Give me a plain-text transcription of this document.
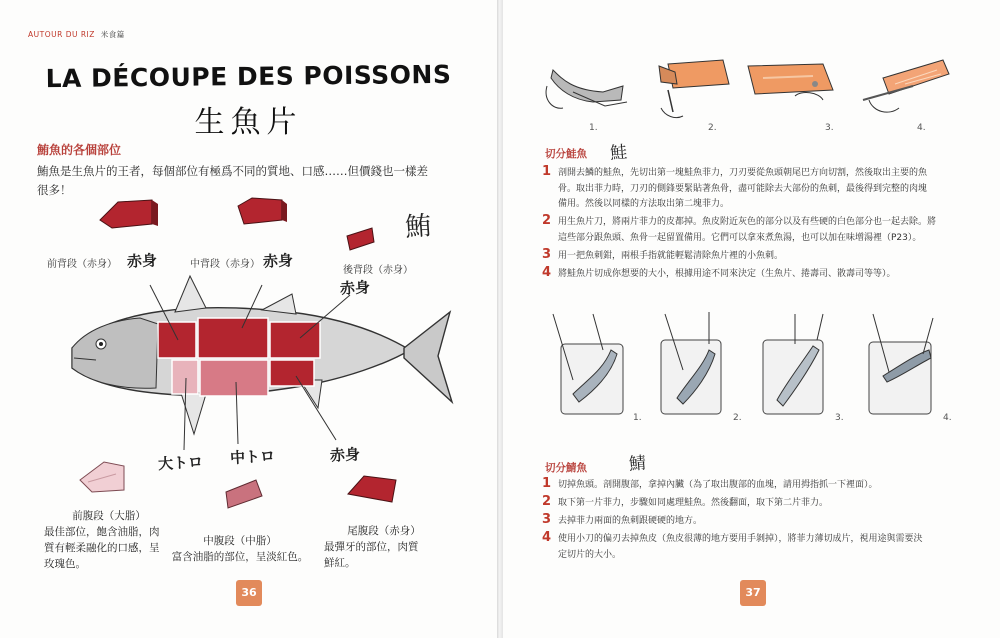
AUTOUR DU RIZ 米食篇
LA DÉCOUPE DES POISSONS
生魚片
鮪魚的各個部位
鮪魚是生魚片的王者，每個部位有極爲不同的質地、口感……但價錢也一樣差
很多！
前背段（赤身） 赤身	中背段（赤身） 赤身	後背段（赤身）
赤身
鮪
大トロ 中トロ	赤身
前腹段（大脂）
最佳部位，飽含油脂，肉
質有輕柔融化的口感，呈
玫瑰色。
中腹段（中脂）
富含油脂的部位，呈淡紅色。
尾腹段（赤身）
最彈牙的部位，肉質
鮮紅。
36
1.	2.	3.	4.
切分鮭魚 鮭
1 剖開去鱗的鮭魚，先切出第一塊鮭魚菲力，刀刃要從魚頭朝尾巴方向切割，然後取出主要的魚
骨。取出菲力時，刀刃的側鋒要緊貼著魚骨，盡可能除去大部份的魚刺，最後得到完整的肉塊
備用。然後以同樣的方法取出第二塊菲力。
2 用生魚片刀，將兩片菲力的皮都掉。魚皮附近灰色的部分以及有些硬的白色部分也一起去除。將
這些部分跟魚頭、魚骨一起留置備用。它們可以拿來煮魚湯，也可以加在味增湯裡（P23）。
3 用一把魚刺鉗，兩根手指就能輕鬆清除魚片裡的小魚刺。
4 將鮭魚片切成你想要的大小，根據用途不同來決定（生魚片、捲壽司、散壽司等等）。
1.	2.	3.	4.
切分鯖魚 鯖
1 切掉魚頭。剖開腹部，拿掉內臟（為了取出腹部的血塊，請用拇指抓一下裡面）。
2 取下第一片菲力，步驟如同處理鮭魚。然後翻面，取下第二片菲力。
3 去掉菲力兩面的魚刺跟硬硬的地方。
4 使用小刀的偏刃去掉魚皮（魚皮很薄的地方要用手剝掉），將菲力薄切成片，視用途與需要決
定切片的大小。
37
